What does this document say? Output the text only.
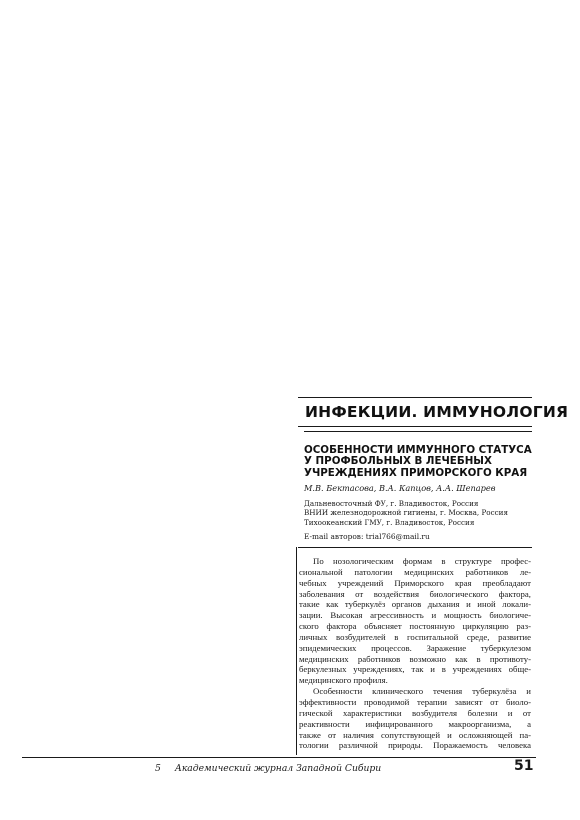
ИНФЕКЦИИ. ИММУНОЛОГИЯ
ОСОБЕННОСТИ ИММУННОГО СТАТУСА
У ПРОФБОЛЬНЫХ В ЛЕЧЕБНЫХ
УЧРЕЖДЕНИЯХ ПРИМОРСКОГО КРАЯ

М.В. Бектасова, В.А. Капцов, А.А. Шепарев

Дальневосточный ФУ, г. Владивосток, Россия
ВНИИ железнодорожной гигиены, г. Москва, Россия
Тихоокеанский ГМУ, г. Владивосток, Россия
E-mail авторов: trial766@mail.ru
По нозологическим формам в структуре профес-
сиональной патологии медицинских работников ле-
чебных учреждений Приморского края преобладают
заболевания от воздействия биологического фактора,
такие как туберкулёз органов дыхания и иной локали-
зации. Высокая агрессивность и мощность биологиче-
ского фактора объясняет постоянную циркуляцию раз-
личных возбудителей в госпитальной среде, развитие
эпидемических процессов. Заражение туберкулезом
медицинских работников возможно как в противоту-
беркулезных учреждениях, так и в учреждениях обще-
медицинского профиля.
Особенности клинического течения туберкулёза и
эффективности проводимой терапии зависят от биоло-
гической характеристики возбудителя болезни и от
реактивности инфицированного макроорганизма, а
также от наличия сопутствующей и осложняющей па-
тологии различной природы. Поражаемость человека
5 Академический журнал Западной Сибири	51
